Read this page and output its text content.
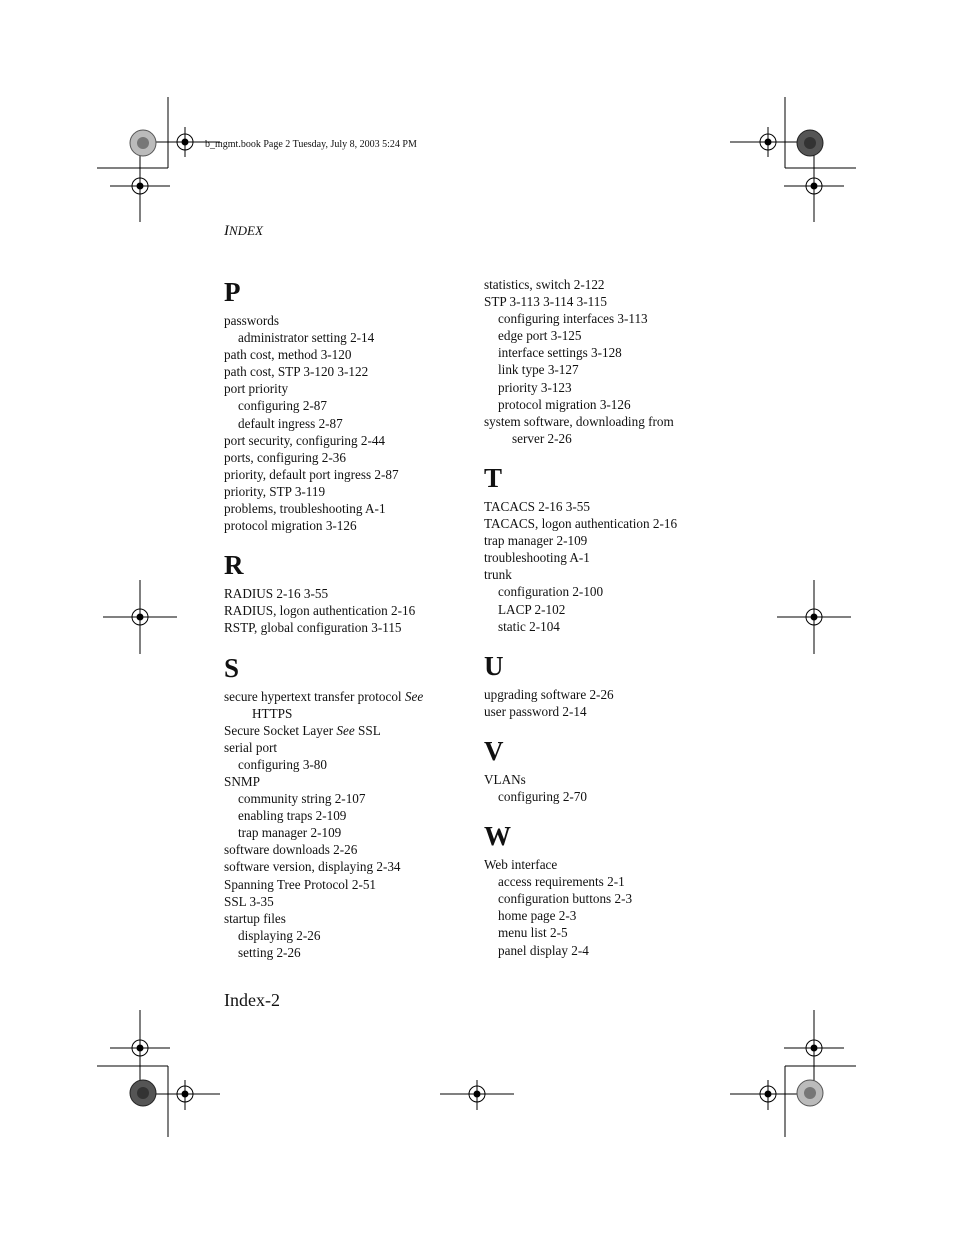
b_mgmt.book Page 2 Tuesday, July 8, 2003 5:24 PM
INDEX
P
passwords
administrator setting 2-14
path cost, method 3-120
path cost, STP 3-120 3-122
port priority
configuring 2-87
default ingress 2-87
port security, configuring 2-44
ports, configuring 2-36
priority, default port ingress 2-87
priority, STP 3-119
problems, troubleshooting A-1
protocol migration 3-126
R
RADIUS 2-16 3-55
RADIUS, logon authentication 2-16
RSTP, global configuration 3-115
S
secure hypertext transfer protocol See
HTTPS
Secure Socket Layer See SSL
serial port
configuring 3-80
SNMP
community string 2-107
enabling traps 2-109
trap manager 2-109
software downloads 2-26
software version, displaying 2-34
Spanning Tree Protocol 2-51
SSL 3-35
startup files
displaying 2-26
setting 2-26
statistics, switch 2-122
STP 3-113 3-114 3-115
configuring interfaces 3-113
edge port 3-125
interface settings 3-128
link type 3-127
priority 3-123
protocol migration 3-126
system software, downloading from
server 2-26
T
TACACS 2-16 3-55
TACACS, logon authentication 2-16
trap manager 2-109
troubleshooting A-1
trunk
configuration 2-100
LACP 2-102
static 2-104
U
upgrading software 2-26
user password 2-14
V
VLANs
configuring 2-70
W
Web interface
access requirements 2-1
configuration buttons 2-3
home page 2-3
menu list 2-5
panel display 2-4
Index-2
